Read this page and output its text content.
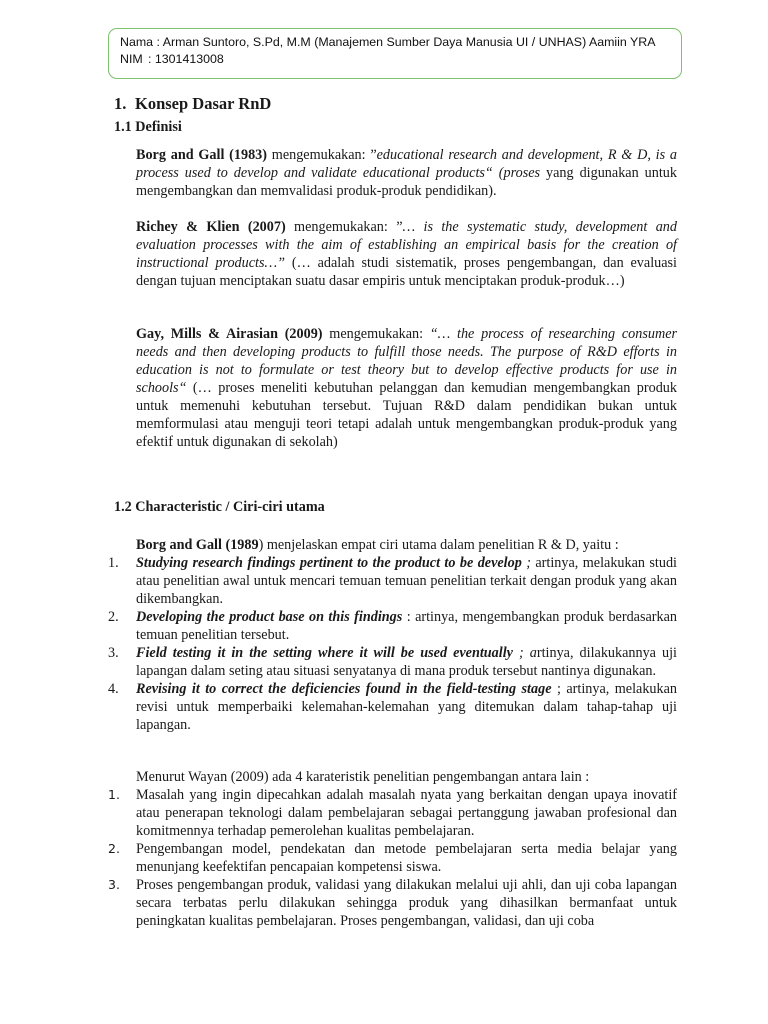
Nama : Arman Suntoro, S.Pd, M.M (Manajemen Sumber Daya Manusia UI / UNHAS) Aamiin YRA
NIM : 1301413008
1. Konsep Dasar RnD
1.1 Definisi

Borg and Gall (1983) mengemukakan: ”educational research and development, R & D, is a process used to develop and validate educational products“ (proses yang digunakan untuk mengembangkan dan memvalidasi produk-produk pendidikan).

Richey & Klien (2007) mengemukakan: ”… is the systematic study, development and evaluation processes with the aim of establishing an empirical basis for the creation of instructional products…” (… adalah studi sistematik, proses pengembangan, dan evaluasi dengan tujuan menciptakan suatu dasar empiris untuk menciptakan produk-produk…)

Gay, Mills & Airasian (2009) mengemukakan: “… the process of researching consumer needs and then developing products to fulfill those needs. The purpose of R&D efforts in education is not to formulate or test theory but to develop effective products for use in schools“ (… proses meneliti kebutuhan pelanggan dan kemudian mengembangkan produk untuk memenuhi kebutuhan tersebut. Tujuan R&D dalam pendidikan bukan untuk memformulasi atau menguji teori tetapi adalah untuk mengembangkan produk-produk yang efektif untuk digunakan di sekolah)

1.2 Characteristic / Ciri-ciri utama

Borg and Gall (1989) menjelaskan empat ciri utama dalam penelitian R & D, yaitu :

1.	Studying research findings pertinent to the product to be develop ; artinya, melakukan studi atau penelitian awal untuk mencari temuan temuan penelitian terkait dengan produk yang akan dikembangkan.
2.	Developing the product base on this findings : artinya, mengembangkan produk berdasarkan temuan penelitian tersebut.
3.	Field testing it in the setting where it will be used eventually ; artinya, dilakukannya uji lapangan dalam seting atau situasi senyatanya di mana produk tersebut nantinya digunakan.
4.	Revising it to correct the deficiencies found in the field-testing stage ; artinya, melakukan revisi untuk memperbaiki kelemahan-kelemahan yang ditemukan dalam tahap-tahap uji lapangan.

Menurut Wayan (2009) ada 4 karateristik penelitian pengembangan antara lain :

1.	Masalah yang ingin dipecahkan adalah masalah nyata yang berkaitan dengan upaya inovatif atau penerapan teknologi dalam pembelajaran sebagai pertanggung jawaban profesional dan komitmennya terhadap pemerolehan kualitas pembelajaran.
2.	Pengembangan model, pendekatan dan metode pembelajaran serta media belajar yang menunjang keefektifan pencapaian kompetensi siswa.
3.	Proses pengembangan produk, validasi yang dilakukan melalui uji ahli, dan uji coba lapangan secara terbatas perlu dilakukan sehingga produk yang dihasilkan bermanfaat untuk peningkatan kualitas pembelajaran. Proses pengembangan, validasi, dan uji coba
